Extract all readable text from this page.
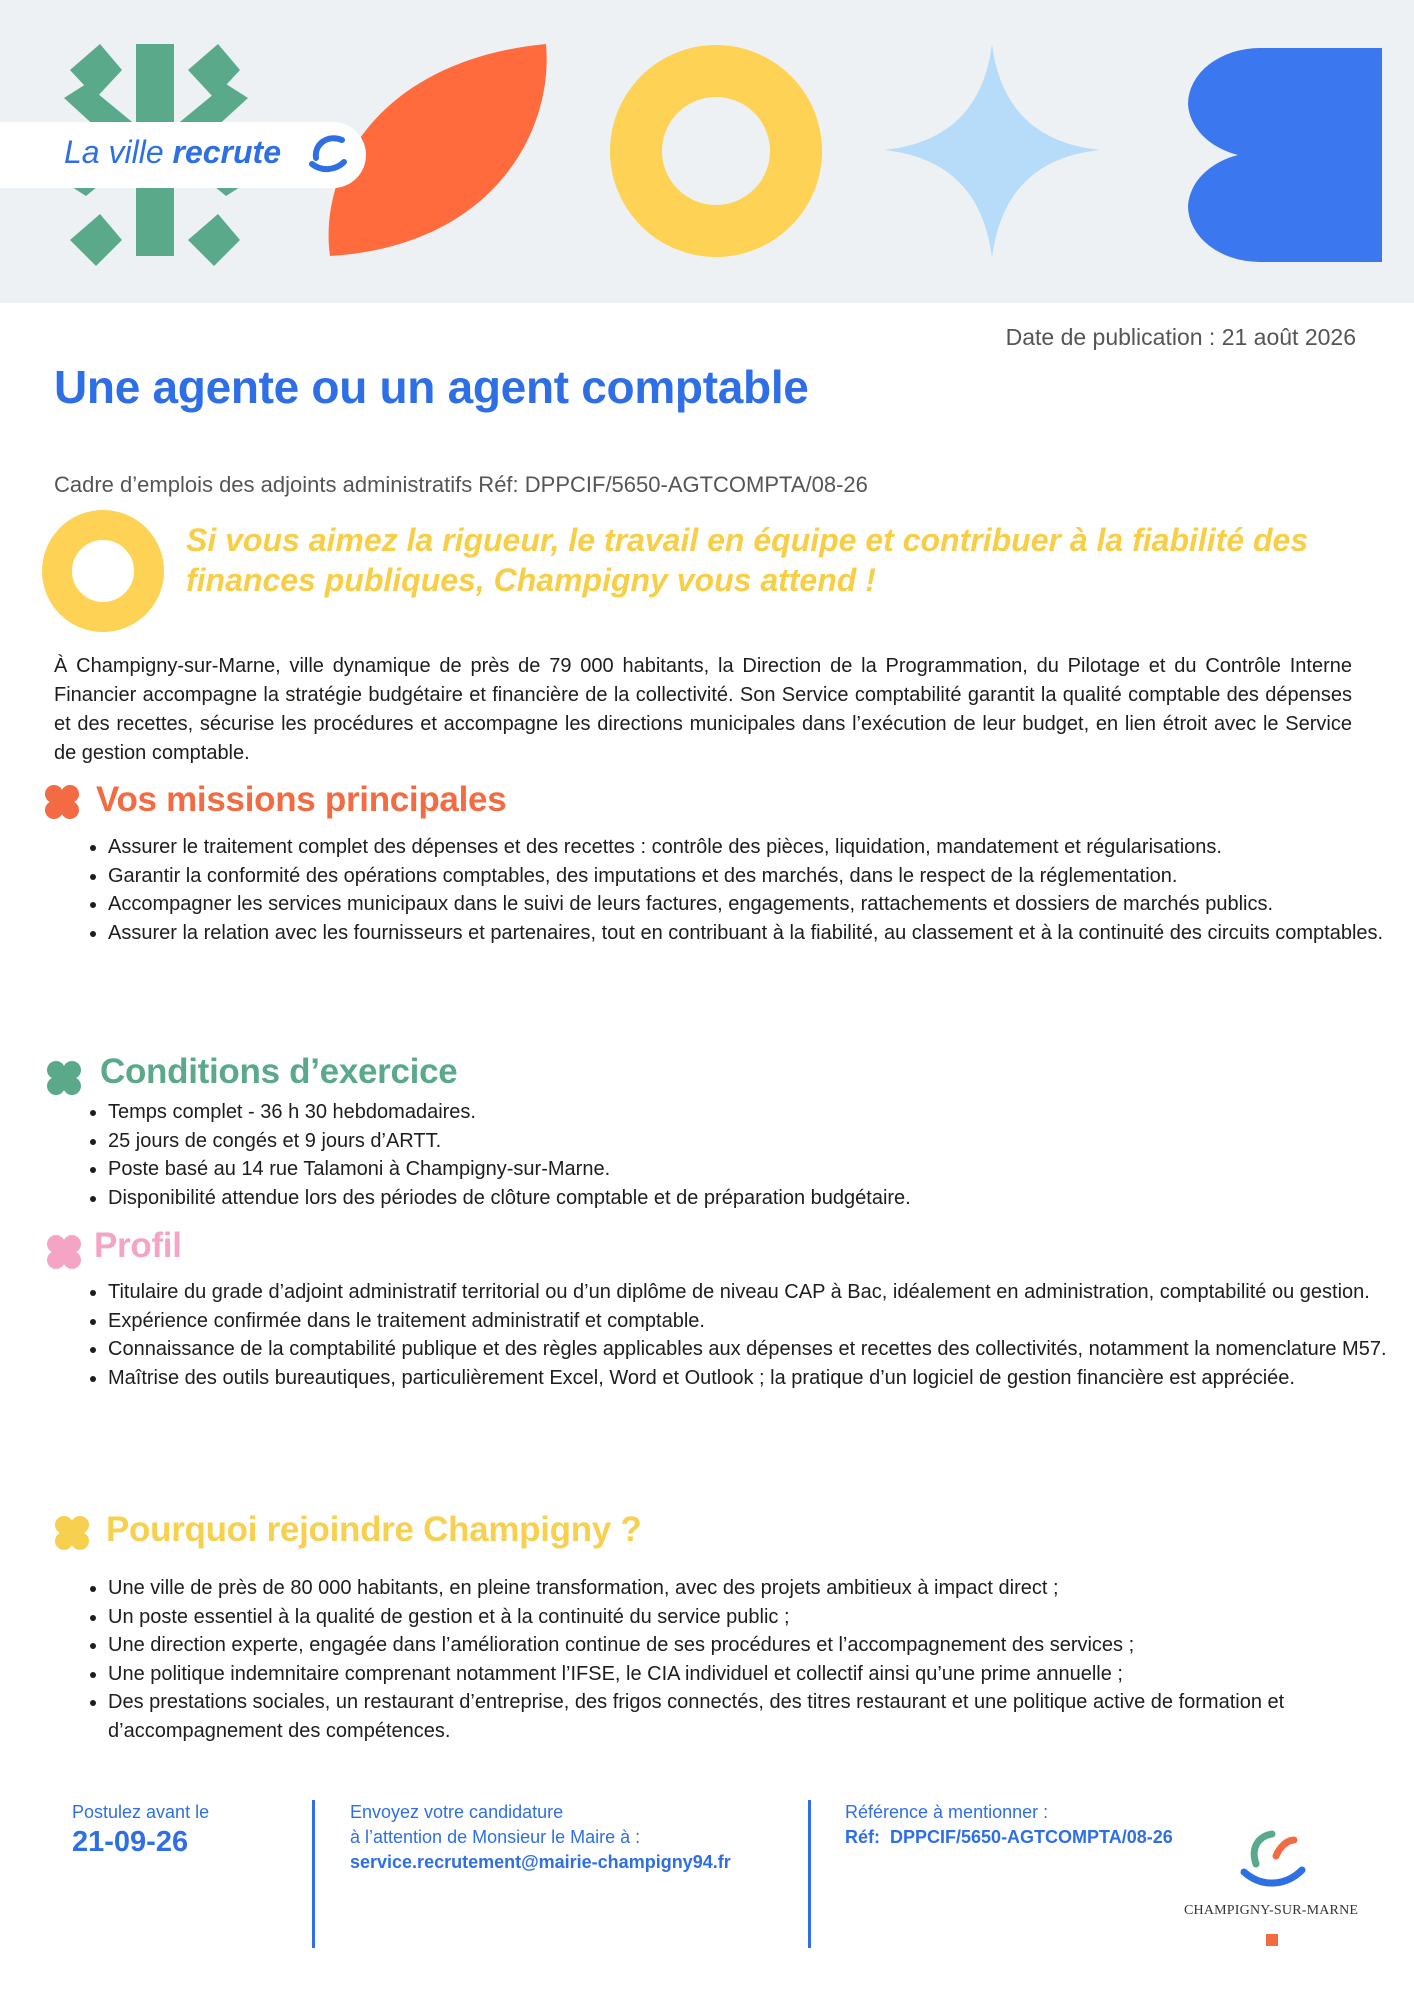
La ville recrute
Date de publication : 21 août 2026
Une agente ou un agent comptable
Cadre d’emplois des adjoints administratifs Réf: DPPCIF/5650-AGTCOMPTA/08-26

Si vous aimez la rigueur, le travail en équipe et contribuer à la fiabilité des finances publiques, Champigny vous attend !

À Champigny-sur-Marne, ville dynamique de près de 79 000 habitants, la Direction de la Programmation, du Pilotage et du Contrôle Interne Financier accompagne la stratégie budgétaire et financière de la collectivité. Son Service comptabilité garantit la qualité comptable des dépenses et des recettes, sécurise les procédures et accompagne les directions municipales dans l’exécution de leur budget, en lien étroit avec le Service de gestion comptable.

Vos missions principales
• Assurer le traitement complet des dépenses et des recettes : contrôle des pièces, liquidation, mandatement et régularisations.
• Garantir la conformité des opérations comptables, des imputations et des marchés, dans le respect de la réglementation.
• Accompagner les services municipaux dans le suivi de leurs factures, engagements, rattachements et dossiers de marchés publics.
• Assurer la relation avec les fournisseurs et partenaires, tout en contribuant à la fiabilité, au classement et à la continuité des circuits comptables.
Conditions d’exercice
• Temps complet - 36 h 30 hebdomadaires.
• 25 jours de congés et 9 jours d’ARTT.
• Poste basé au 14 rue Talamoni à Champigny-sur-Marne.
• Disponibilité attendue lors des périodes de clôture comptable et de préparation budgétaire.
Profil
• Titulaire du grade d’adjoint administratif territorial ou d’un diplôme de niveau CAP à Bac, idéalement en administration, comptabilité ou gestion.
• Expérience confirmée dans le traitement administratif et comptable.
• Connaissance de la comptabilité publique et des règles applicables aux dépenses et recettes des collectivités, notamment la nomenclature M57.
• Maîtrise des outils bureautiques, particulièrement Excel, Word et Outlook ; la pratique d’un logiciel de gestion financière est appréciée.
Pourquoi rejoindre Champigny ?
• Une ville de près de 80 000 habitants, en pleine transformation, avec des projets ambitieux à impact direct ;
• Un poste essentiel à la qualité de gestion et à la continuité du service public ;
• Une direction experte, engagée dans l’amélioration continue de ses procédures et l’accompagnement des services ;
• Une politique indemnitaire comprenant notamment l’IFSE, le CIA individuel et collectif ainsi qu’une prime annuelle ;
• Des prestations sociales, un restaurant d’entreprise, des frigos connectés, des titres restaurant et une politique active de formation et d’accompagnement des compétences.
Postulez avant le
21-09-26
Envoyez votre candidature
à l’attention de Monsieur le Maire à :
service.recrutement@mairie-champigny94.fr
Référence à mentionner :
Réf: DPPCIF/5650-AGTCOMPTA/08-26
CHAMPIGNY-SUR-MARNE
